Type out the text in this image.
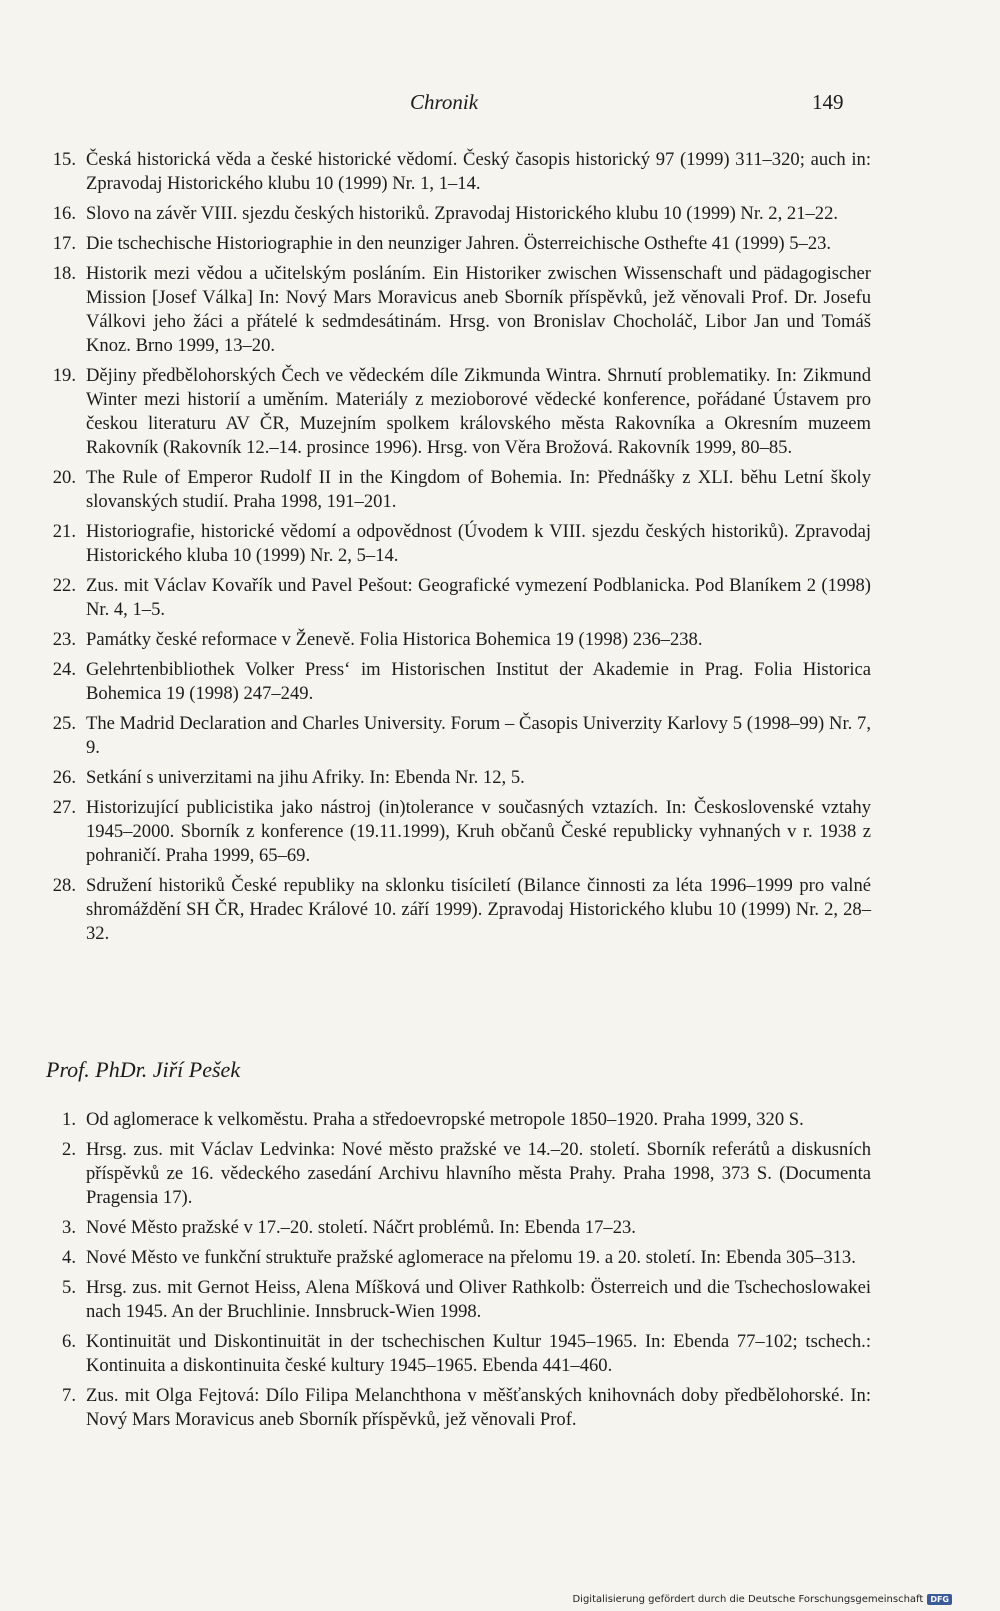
Chronik	149
15. Česká historická věda a české historické vědomí. Český časopis historický 97 (1999) 311–320; auch in: Zpravodaj Historického klubu 10 (1999) Nr. 1, 1–14.
16. Slovo na závěr VIII. sjezdu českých historiků. Zpravodaj Historického klubu 10 (1999) Nr. 2, 21–22.
17. Die tschechische Historiographie in den neunziger Jahren. Österreichische Osthefte 41 (1999) 5–23.
18. Historik mezi vědou a učitelským posláním. Ein Historiker zwischen Wissenschaft und pädagogischer Mission [Josef Válka] In: Nový Mars Moravicus aneb Sborník příspěvků, jež věnovali Prof. Dr. Josefu Válkovi jeho žáci a přátelé k sedmdesátinám. Hrsg. von Bronislav Chocholáč, Libor Jan und Tomáš Knoz. Brno 1999, 13–20.
19. Dějiny předbělohorských Čech ve vědeckém díle Zikmunda Wintra. Shrnutí problematiky. In: Zikmund Winter mezi historií a uměním. Materiály z mezioborové vědecké konference, pořádané Ústavem pro českou literaturu AV ČR, Muzejním spolkem královského města Rakovníka a Okresním muzeem Rakovník (Rakovník 12.–14. prosince 1996). Hrsg. von Věra Brožová. Rakovník 1999, 80–85.
20. The Rule of Emperor Rudolf II in the Kingdom of Bohemia. In: Přednášky z XLI. běhu Letní školy slovanských studií. Praha 1998, 191–201.
21. Historiografie, historické vědomí a odpovědnost (Úvodem k VIII. sjezdu českých historiků). Zpravodaj Historického kluba 10 (1999) Nr. 2, 5–14.
22. Zus. mit Václav Kovařík und Pavel Pešout: Geografické vymezení Podblanicka. Pod Blaníkem 2 (1998) Nr. 4, 1–5.
23. Památky české reformace v Ženevě. Folia Historica Bohemica 19 (1998) 236–238.
24. Gelehrtenbibliothek Volker Press‘ im Historischen Institut der Akademie in Prag. Folia Historica Bohemica 19 (1998) 247–249.
25. The Madrid Declaration and Charles University. Forum – Časopis Univerzity Karlovy 5 (1998–99) Nr. 7, 9.
26. Setkání s univerzitami na jihu Afriky. In: Ebenda Nr. 12, 5.
27. Historizující publicistika jako nástroj (in)tolerance v současných vztazích. In: Československé vztahy 1945–2000. Sborník z konference (19.11.1999), Kruh občanů České republicky vyhnaných v r. 1938 z pohraničí. Praha 1999, 65–69.
28. Sdružení historiků České republiky na sklonku tisíciletí (Bilance činnosti za léta 1996–1999 pro valné shromáždění SH ČR, Hradec Králové 10. září 1999). Zpravodaj Historického klubu 10 (1999) Nr. 2, 28–32.
Prof. PhDr. Jiří Pešek
1. Od aglomerace k velkoměstu. Praha a středoevropské metropole 1850–1920. Praha 1999, 320 S.
2. Hrsg. zus. mit Václav Ledvinka: Nové město pražské ve 14.–20. století. Sborník referátů a diskusních příspěvků ze 16. vědeckého zasedání Archivu hlavního města Prahy. Praha 1998, 373 S. (Documenta Pragensia 17).
3. Nové Město pražské v 17.–20. století. Náčrt problémů. In: Ebenda 17–23.
4. Nové Město ve funkční struktuře pražské aglomerace na přelomu 19. a 20. století. In: Ebenda 305–313.
5. Hrsg. zus. mit Gernot Heiss, Alena Míšková und Oliver Rathkolb: Österreich und die Tschechoslowakei nach 1945. An der Bruchlinie. Innsbruck-Wien 1998.
6. Kontinuität und Diskontinuität in der tschechischen Kultur 1945–1965. In: Ebenda 77–102; tschech.: Kontinuita a diskontinuita české kultury 1945–1965. Ebenda 441–460.
7. Zus. mit Olga Fejtová: Dílo Filipa Melanchthona v měšťanských knihovnách doby předbělohorské. In: Nový Mars Moravicus aneb Sborník příspěvků, jež věnovali Prof.
Digitalisierung gefördert durch die Deutsche Forschungsgemeinschaft DFG
